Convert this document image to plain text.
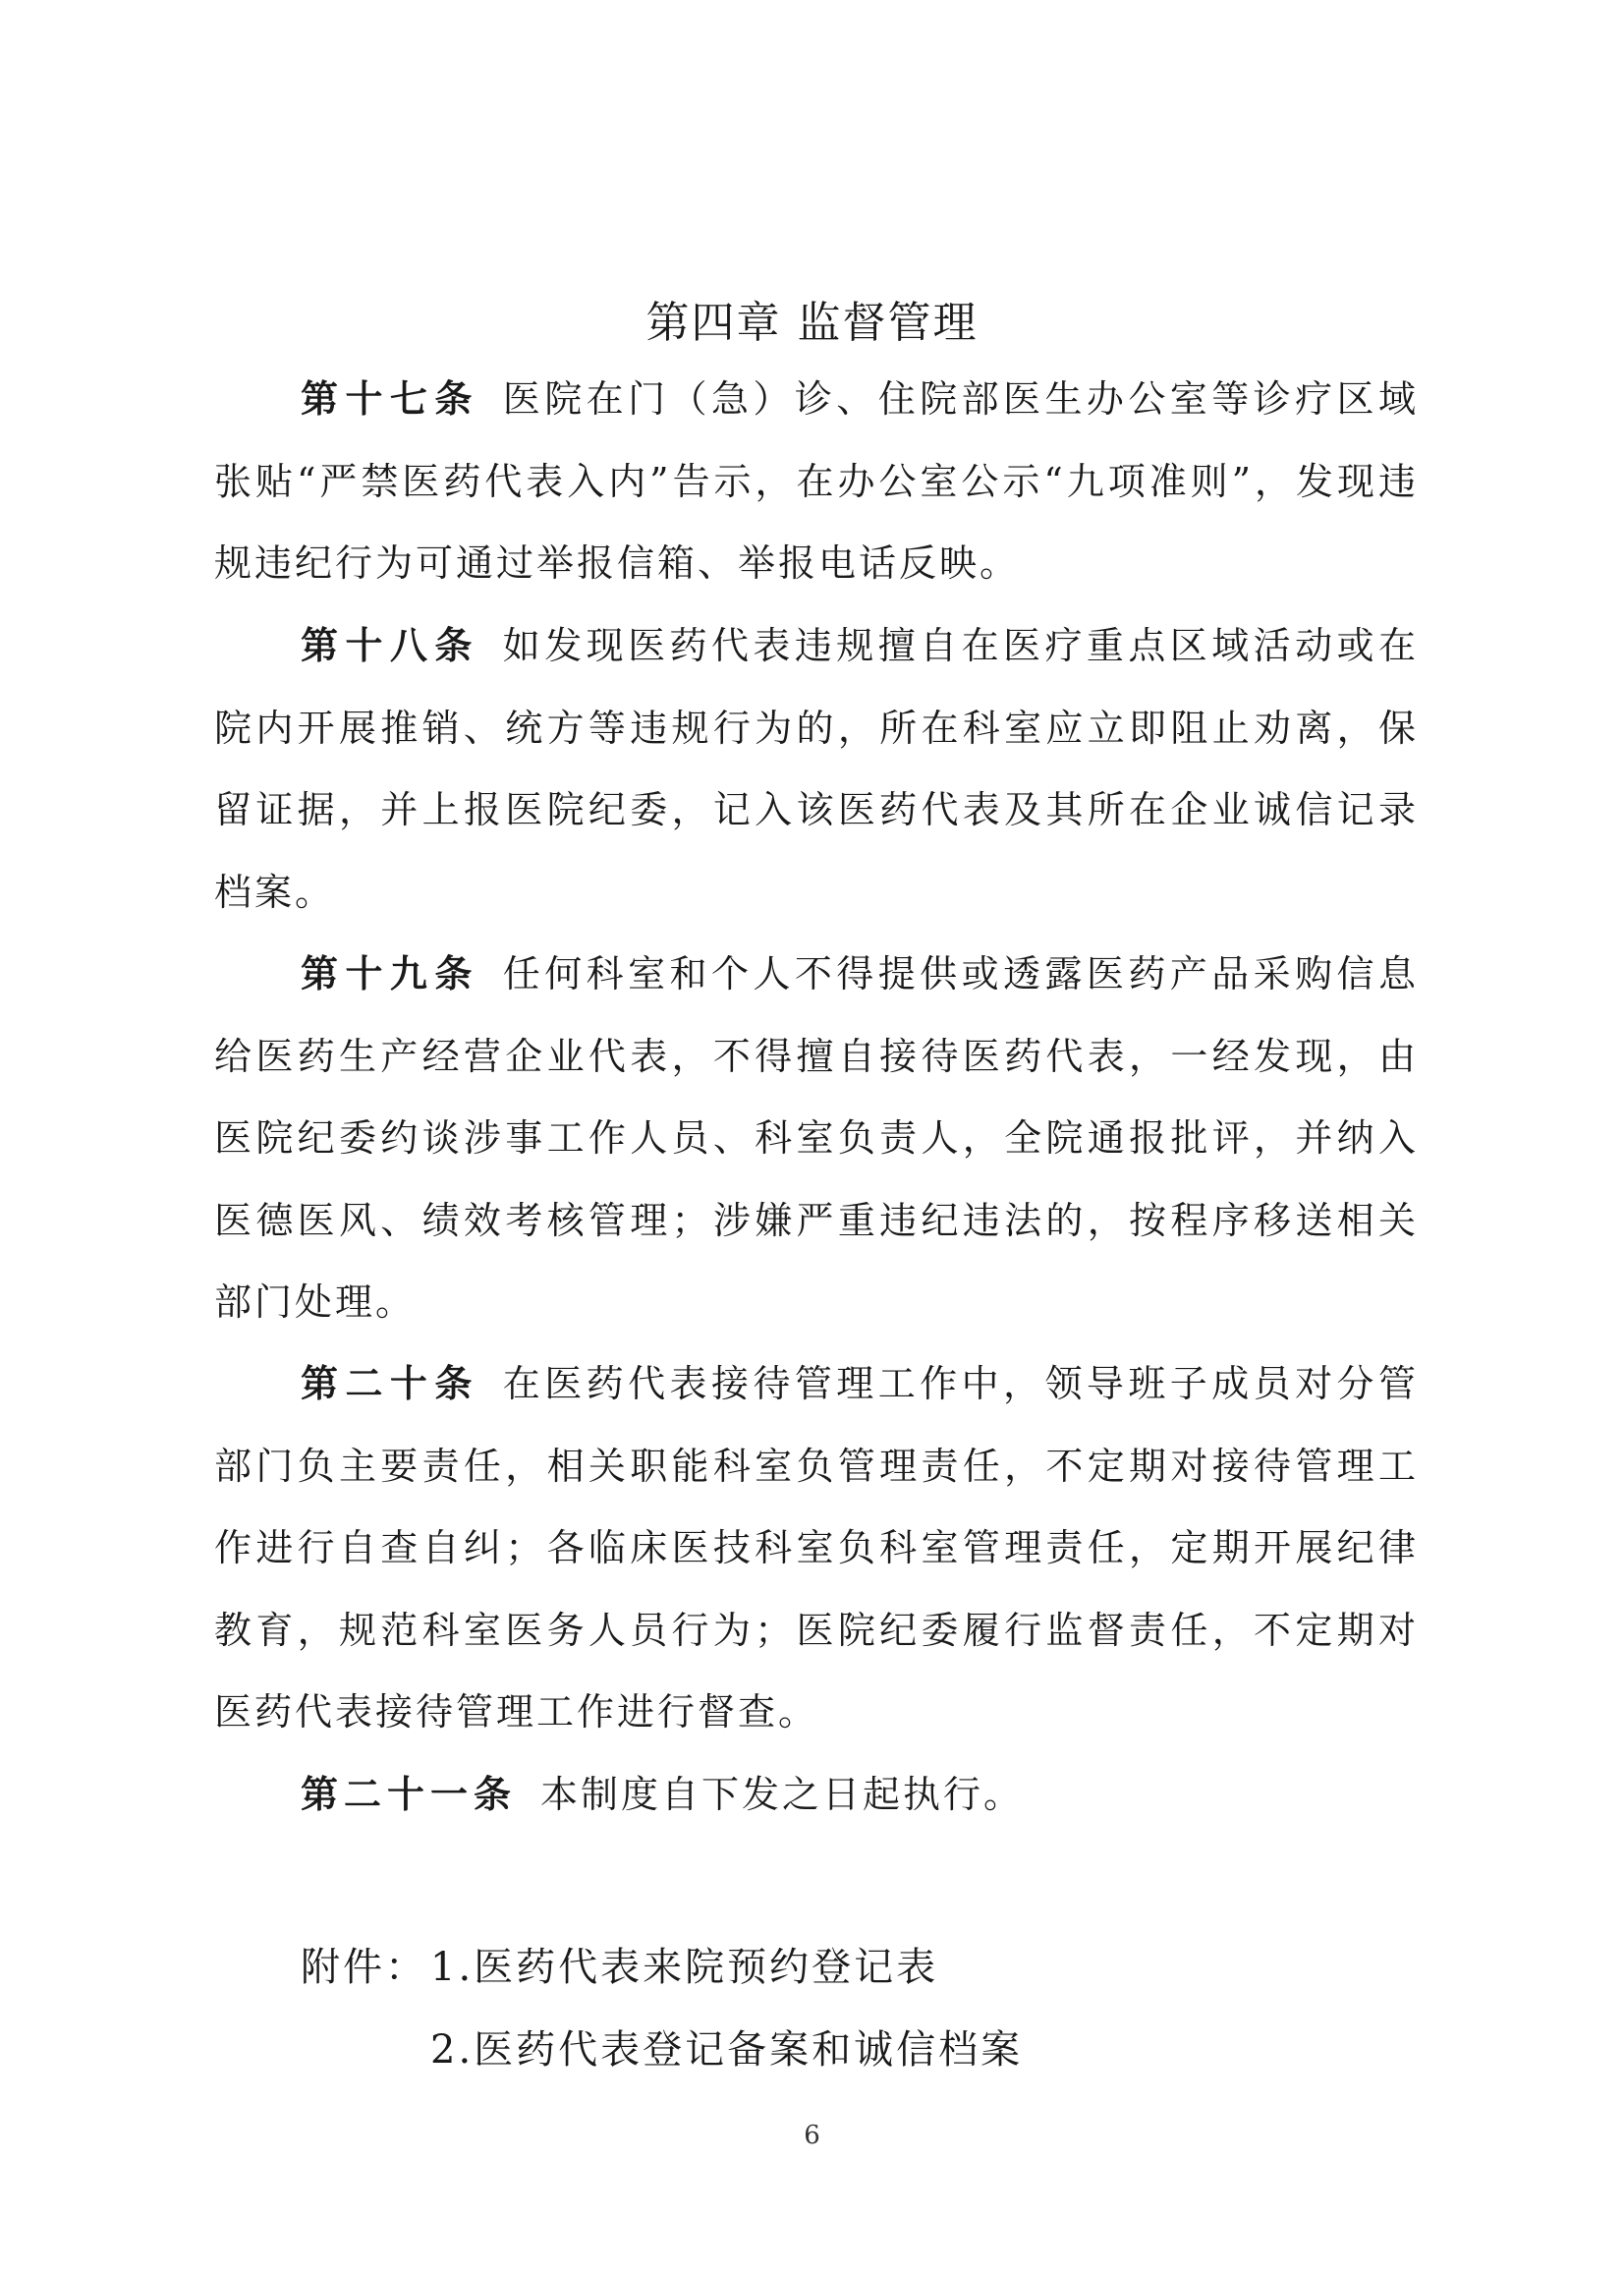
第四章 监督管理

第十七条 医院在门（急）诊、住院部医生办公室等诊疗区域张贴“严禁医药代表入内”告示，在办公室公示“九项准则”，发现违规违纪行为可通过举报信箱、举报电话反映。

第十八条 如发现医药代表违规擅自在医疗重点区域活动或在院内开展推销、统方等违规行为的，所在科室应立即阻止劝离，保留证据，并上报医院纪委，记入该医药代表及其所在企业诚信记录档案。

第十九条 任何科室和个人不得提供或透露医药产品采购信息给医药生产经营企业代表，不得擅自接待医药代表，一经发现，由医院纪委约谈涉事工作人员、科室负责人，全院通报批评，并纳入医德医风、绩效考核管理；涉嫌严重违纪违法的，按程序移送相关部门处理。

第二十条 在医药代表接待管理工作中，领导班子成员对分管部门负主要责任，相关职能科室负管理责任，不定期对接待管理工作进行自查自纠；各临床医技科室负科室管理责任，定期开展纪律教育，规范科室医务人员行为；医院纪委履行监督责任，不定期对医药代表接待管理工作进行督查。

第二十一条 本制度自下发之日起执行。

附件：1.医药代表来院预约登记表
2.医药代表登记备案和诚信档案
6
